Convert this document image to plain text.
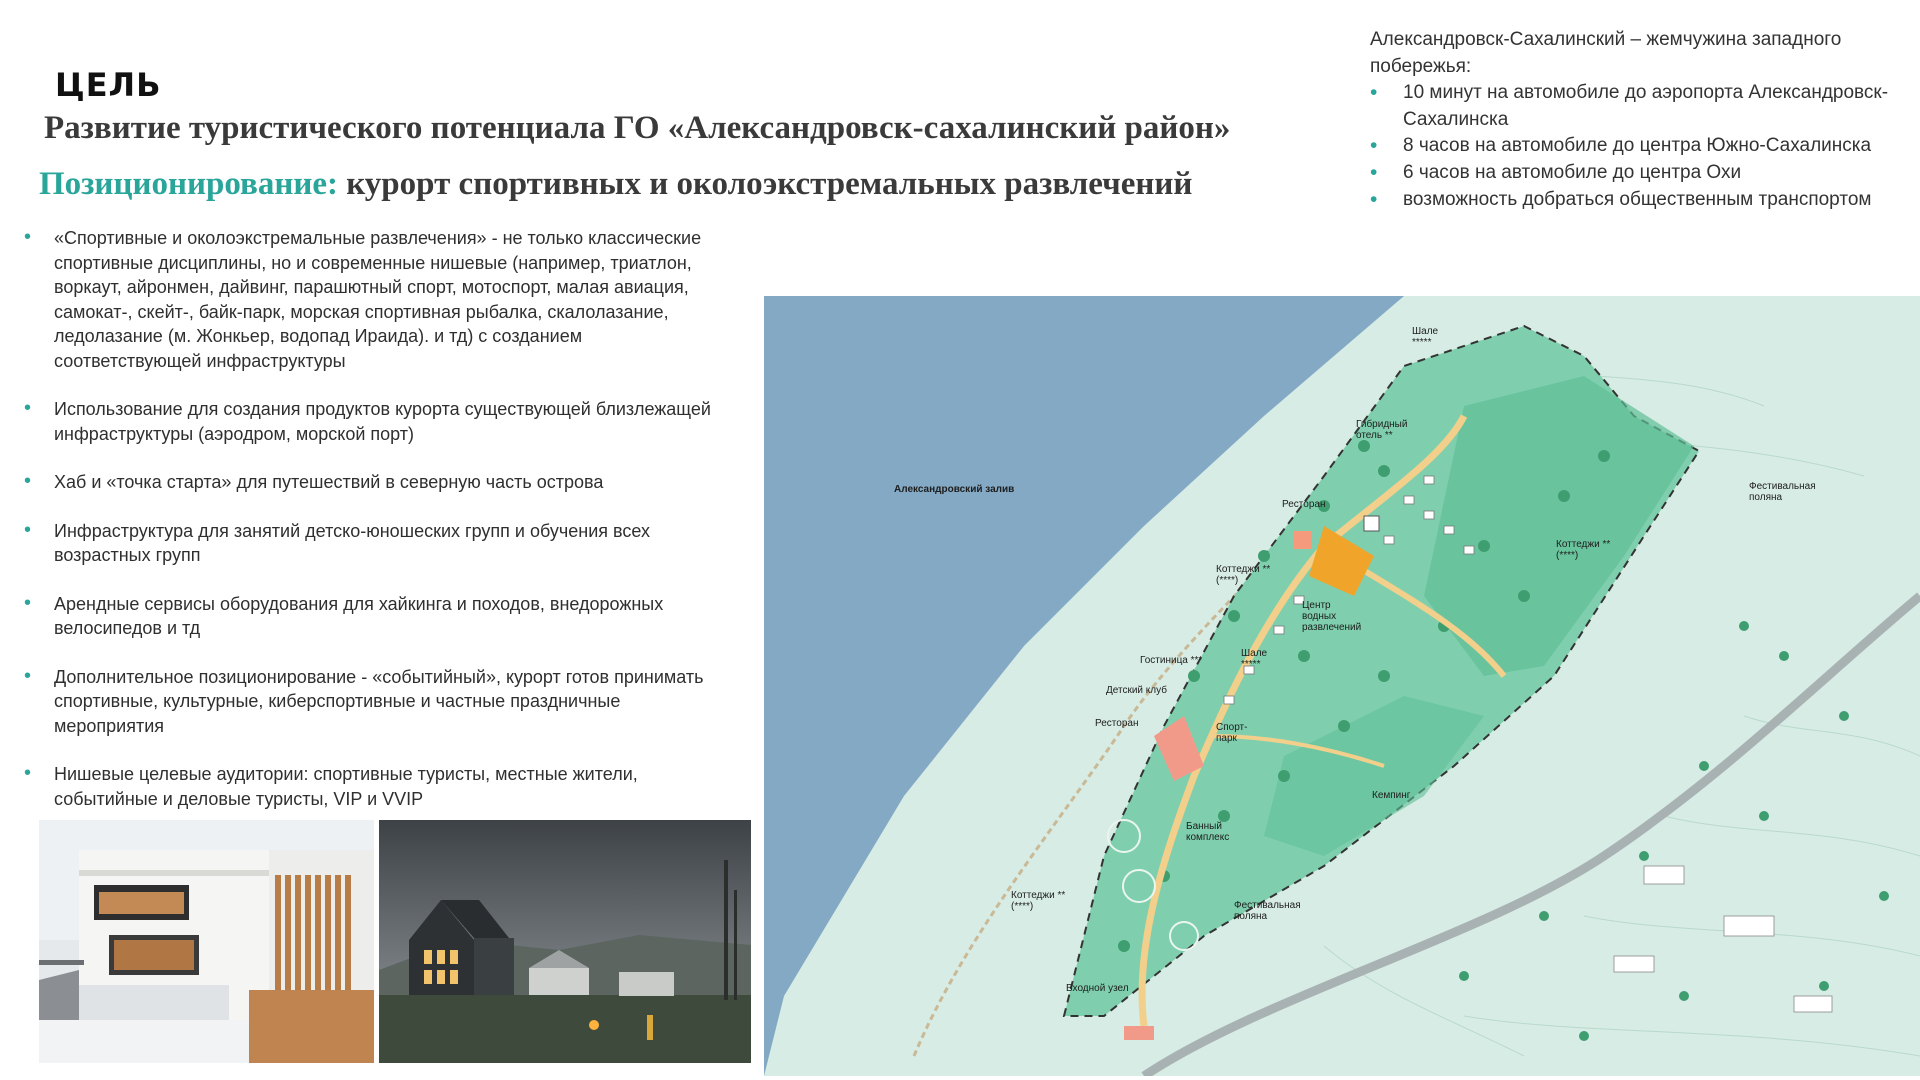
ЦЕЛЬ
Развитие туристического потенциала ГО «Александровск-сахалинский район»
Позиционирование: курорт спортивных и околоэкстремальных развлечений
• «Спортивные и околоэкстремальные развлечения» - не только классические спортивные дисциплины, но и современные нишевые (например, триатлон, воркаут, айронмен, дайвинг, парашютный спорт, мотоспорт, малая авиация, самокат-, скейт-, байк-парк, морская спортивная рыбалка, скалолазание, ледолазание (м. Жонкьер, водопад Ираида). и тд) с созданием соответствующей инфраструктуры
• Использование для создания продуктов курорта существующей близлежащей инфраструктуры (аэродром, морской порт)
• Хаб и «точка старта» для путешествий в северную часть острова
• Инфраструктура для занятий детско-юношеских групп и обучения всех возрастных групп
• Арендные сервисы оборудования для хайкинга и походов, внедорожных велосипедов и тд
• Дополнительное позиционирование - «событийный», курорт готов принимать спортивные, культурные, киберспортивные и частные праздничные мероприятия
• Нишевые целевые аудитории: спортивные туристы, местные жители, событийные и деловые туристы, VIP и VVIP
Александровск-Сахалинский – жемчужина западного побережья:
• 10 минут на автомобиле до аэропорта Александровск-Сахалинска
• 8 часов на автомобиле до центра Южно-Сахалинска
• 6 часов на автомобиле до центра Охи
• возможность добраться общественным транспортом
Александровский залив
Шале
*****
Гибридный
отель **
Ресторан
Фестивальная
поляна
Коттеджи **
(****)
Коттеджи **
(****)
Центр
водных
развлечений
Гостиница ***
Шале
*****
Детский клуб
Ресторан	Спорт-
парк
Кемпинг
Банный
комплекс
Коттеджи **
(****)	Фестивальная
поляна
Входной узел
